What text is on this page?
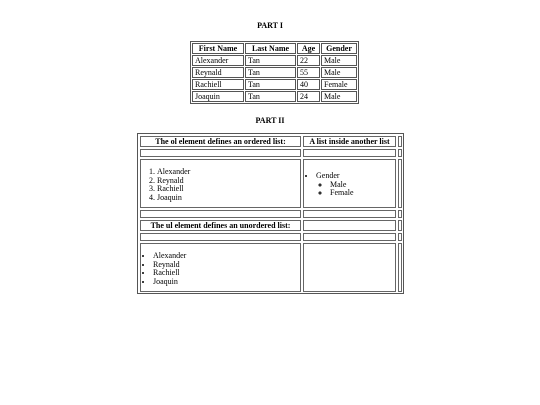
PART I
First Name	Last Name	Age	Gender
Alexander	Tan	22	Male
Reynald	Tan	55	Male
Rachiell	Tan	40	Female
Joaquin	Tan	24	Male
PART II
The ol element defines an ordered list:	A list inside another list
1. Alexander
2. Reynald
3. Rachiell
4. Joaquin
• Gender
◦ Male
◦ Female
The ul element defines an unordered list:
• Alexander
• Reynald
• Rachiell
• Joaquin
